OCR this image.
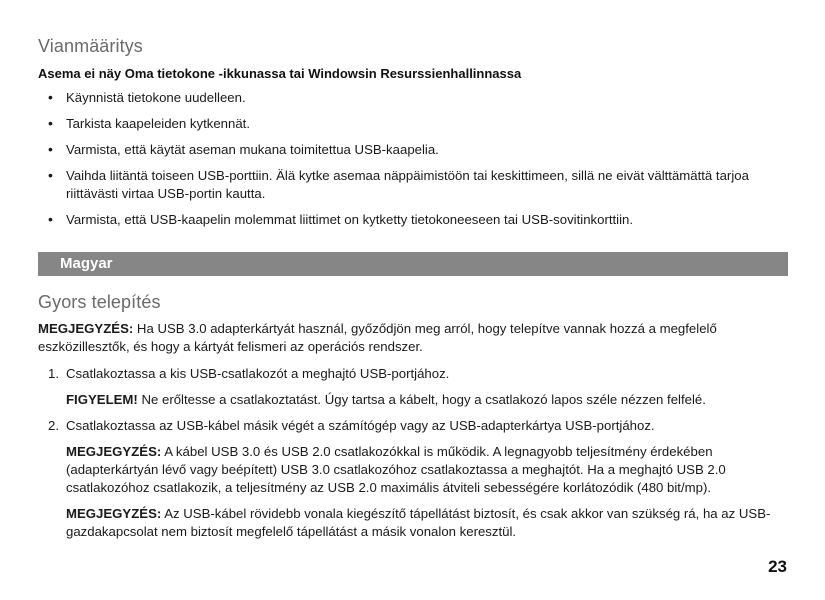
Vianmääritys
Asema ei näy Oma tietokone -ikkunassa tai Windowsin Resurssienhallinnassa
• Käynnistä tietokone uudelleen.
• Tarkista kaapeleiden kytkennät.
• Varmista, että käytät aseman mukana toimitettua USB-kaapelia.
• Vaihda liitäntä toiseen USB-porttiin. Älä kytke asemaa näppäimistöön tai keskittimeen, sillä ne eivät välttämättä tarjoa riittävästi virtaa USB-portin kautta.
• Varmista, että USB-kaapelin molemmat liittimet on kytketty tietokoneeseen tai USB-sovitinkorttiin.
Magyar
Gyors telepítés
MEGJEGYZÉS: Ha USB 3.0 adapterkártyát használ, győződjön meg arról, hogy telepítve vannak hozzá a megfelelő eszközillesztők, és hogy a kártyát felismeri az operációs rendszer.
1. Csatlakoztassa a kis USB-csatlakozót a meghajtó USB-portjához.
FIGYELEM! Ne erőltesse a csatlakoztatást. Úgy tartsa a kábelt, hogy a csatlakozó lapos széle nézzen felfelé.
2. Csatlakoztassa az USB-kábel másik végét a számítógép vagy az USB-adapterkártya USB-portjához.
MEGJEGYZÉS: A kábel USB 3.0 és USB 2.0 csatlakozókkal is működik. A legnagyobb teljesítmény érdekében (adapterkártyán lévő vagy beépített) USB 3.0 csatlakozóhoz csatlakoztassa a meghajtót. Ha a meghajtó USB 2.0 csatlakozóhoz csatlakozik, a teljesítmény az USB 2.0 maximális átviteli sebességére korlátozódik (480 bit/mp).
MEGJEGYZÉS: Az USB-kábel rövidebb vonala kiegészítő tápellátást biztosít, és csak akkor van szükség rá, ha az USB-gazdakapcsolat nem biztosít megfelelő tápellátást a másik vonalon keresztül.
23
